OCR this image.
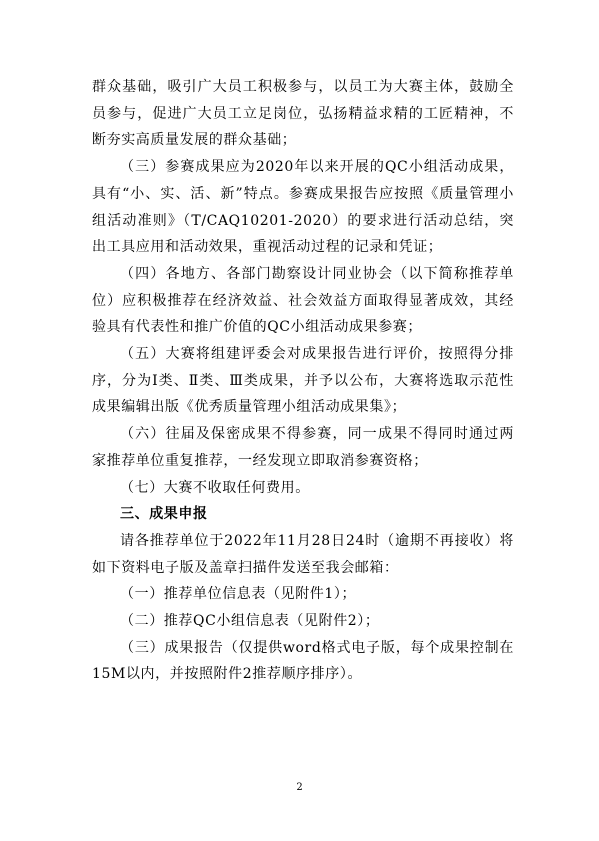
群众基础，吸引广大员工积极参与，以员工为大赛主体，鼓励全员参与，促进广大员工立足岗位，弘扬精益求精的工匠精神，不断夯实高质量发展的群众基础；

（三）参赛成果应为2020年以来开展的QC小组活动成果，具有“小、实、活、新”特点。参赛成果报告应按照《质量管理小组活动准则》（T/CAQ10201-2020）的要求进行活动总结，突出工具应用和活动效果，重视活动过程的记录和凭证；

（四）各地方、各部门勘察设计同业协会（以下简称推荐单位）应积极推荐在经济效益、社会效益方面取得显著成效，其经验具有代表性和推广价值的QC小组活动成果参赛；

（五）大赛将组建评委会对成果报告进行评价，按照得分排序，分为Ⅰ类、Ⅱ类、Ⅲ类成果，并予以公布，大赛将选取示范性成果编辑出版《优秀质量管理小组活动成果集》；

（六）往届及保密成果不得参赛，同一成果不得同时通过两家推荐单位重复推荐，一经发现立即取消参赛资格；

（七）大赛不收取任何费用。

三、成果申报

请各推荐单位于2022年11月28日24时（逾期不再接收）将如下资料电子版及盖章扫描件发送至我会邮箱：

（一）推荐单位信息表（见附件1）；

（二）推荐QC小组信息表（见附件2）；

（三）成果报告（仅提供word格式电子版，每个成果控制在15M以内，并按照附件2推荐顺序排序）。

2
